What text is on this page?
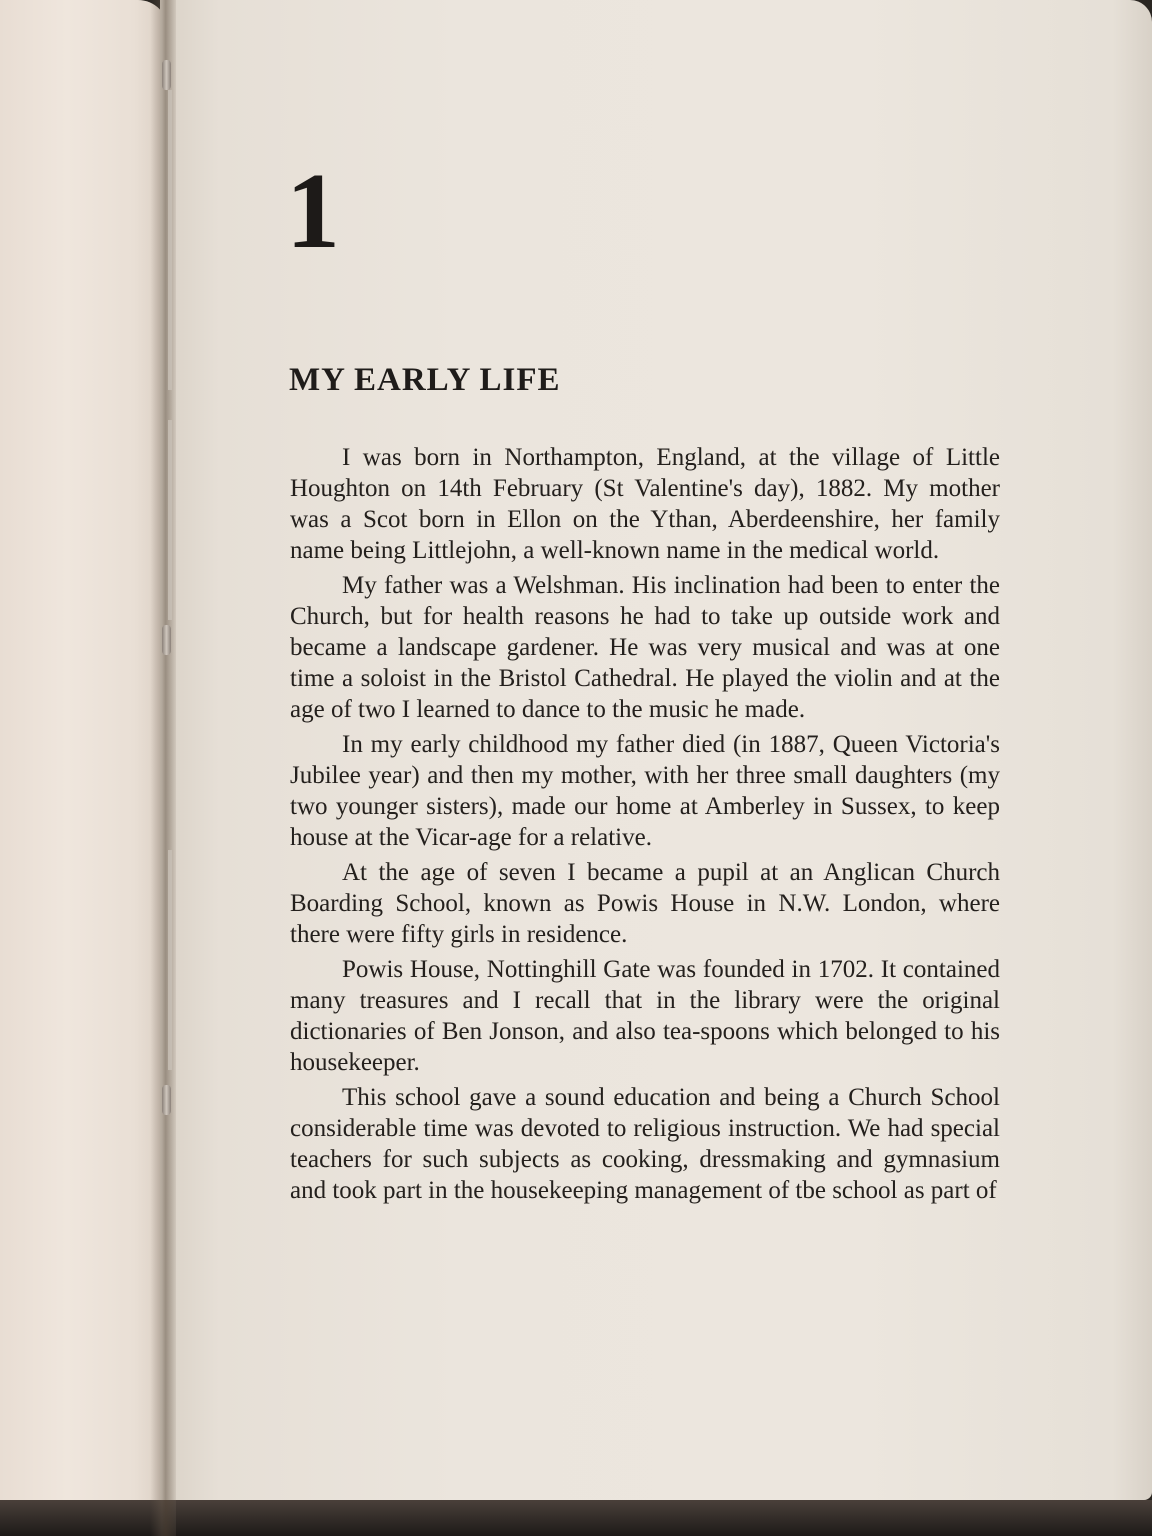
1
MY EARLY LIFE

I was born in Northampton, England, at the village of Little Houghton on 14th February (St Valentine's day), 1882. My mother was a Scot born in Ellon on the Ythan, Aberdeenshire, her family name being Littlejohn, a well-known name in the medical world.

My father was a Welshman. His inclination had been to enter the Church, but for health reasons he had to take up outside work and became a landscape gardener. He was very musical and was at one time a soloist in the Bristol Cathedral. He played the violin and at the age of two I learned to dance to the music he made.

In my early childhood my father died (in 1887, Queen Victoria's Jubilee year) and then my mother, with her three small daughters (my two younger sisters), made our home at Amberley in Sussex, to keep house at the Vicar-age for a relative.

At the age of seven I became a pupil at an Anglican Church Boarding School, known as Powis House in N.W. London, where there were fifty girls in residence.

Powis House, Nottinghill Gate was founded in 1702. It contained many treasures and I recall that in the library were the original dictionaries of Ben Jonson, and also tea-spoons which belonged to his housekeeper.

This school gave a sound education and being a Church School considerable time was devoted to religious instruction. We had special teachers for such subjects as cooking, dressmaking and gymnasium and took part in the housekeeping management of tbe school as part of
